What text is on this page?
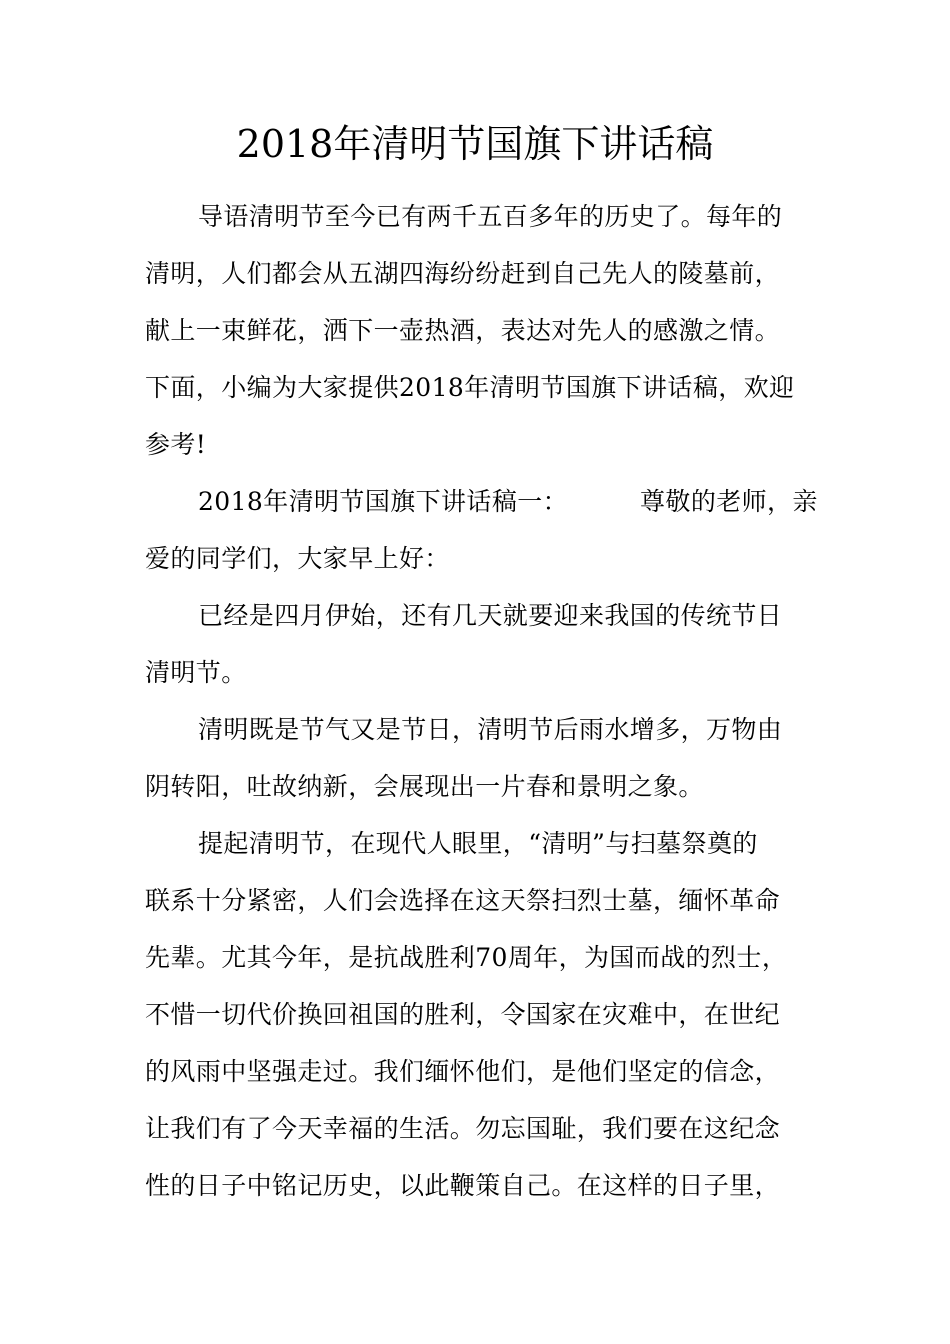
2018年清明节国旗下讲话稿
导语清明节至今已有两千五百多年的历史了。每年的
清明，人们都会从五湖四海纷纷赶到自己先人的陵墓前，
献上一束鲜花，洒下一壶热酒，表达对先人的感激之情。
下面，小编为大家提供2018年清明节国旗下讲话稿，欢迎
参考!
2018年清明节国旗下讲话稿一：	尊敬的老师，亲
爱的同学们，大家早上好：
已经是四月伊始，还有几天就要迎来我国的传统节日
清明节。
清明既是节气又是节日，清明节后雨水增多，万物由
阴转阳，吐故纳新，会展现出一片春和景明之象。
提起清明节，在现代人眼里，“清明”与扫墓祭奠的
联系十分紧密，人们会选择在这天祭扫烈士墓，缅怀革命
先辈。尤其今年，是抗战胜利70周年，为国而战的烈士，
不惜一切代价换回祖国的胜利，令国家在灾难中，在世纪
的风雨中坚强走过。我们缅怀他们，是他们坚定的信念，
让我们有了今天幸福的生活。勿忘国耻，我们要在这纪念
性的日子中铭记历史，以此鞭策自己。在这样的日子里，
